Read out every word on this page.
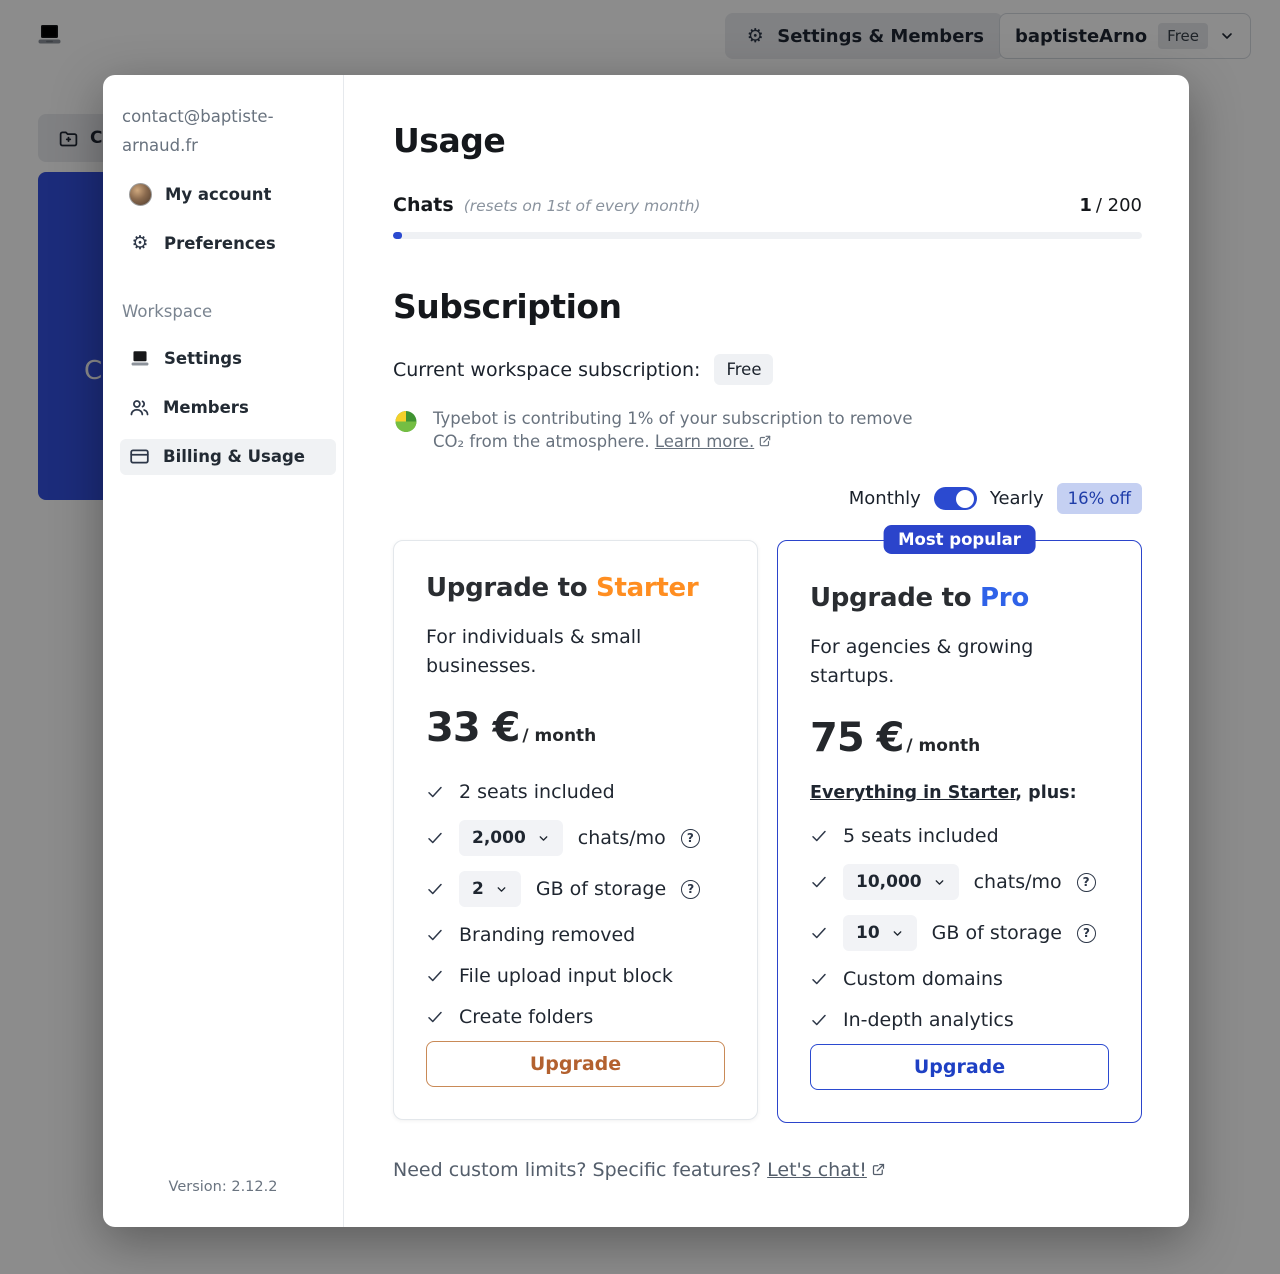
⚙ Settings & Members baptisteArno	Free
C
C
contact@baptiste-arnaud.fr
My account
⚙ Preferences
Workspace
Settings
Members
Billing & Usage
Version: 2.12.2
Usage
Chats (resets on 1st of every month)	1 / 200
Subscription
Current workspace subscription:	Free
Typebot is contributing 1% of your subscription to remove CO₂ from the atmosphere. Learn more.
Monthly	Yearly	16% off
Upgrade to Starter
For individuals & small businesses.
33 € / month
2 seats included
2,000	chats/mo	?
2	GB of storage	?
Branding removed
File upload input block
Create folders
Upgrade
Most popular
Upgrade to Pro
For agencies & growing startups.
75 € / month
Everything in Starter, plus:
5 seats included
10,000	chats/mo	?
10	GB of storage	?
Custom domains
In-depth analytics
Upgrade
Need custom limits? Specific features? Let's chat!
